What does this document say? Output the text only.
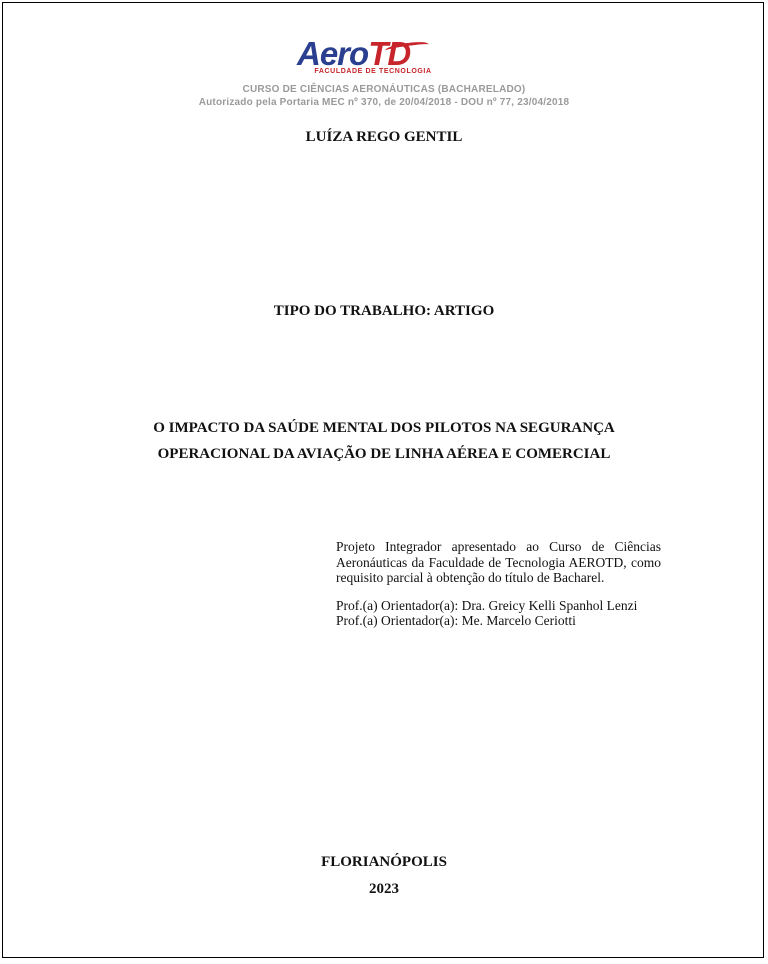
AeroTD
FACULDADE DE TECNOLOGIA
CURSO DE CIÊNCIAS AERONÁUTICAS (BACHARELADO)
Autorizado pela Portaria MEC nº 370, de 20/04/2018 - DOU nº 77, 23/04/2018
LUÍZA REGO GENTIL
TIPO DO TRABALHO: ARTIGO
O IMPACTO DA SAÚDE MENTAL DOS PILOTOS NA SEGURANÇA
OPERACIONAL DA AVIAÇÃO DE LINHA AÉREA E COMERCIAL

Projeto Integrador apresentado ao Curso de Ciências Aeronáuticas da Faculdade de Tecnologia AEROTD, como requisito parcial à obtenção do título de Bacharel.

Prof.(a) Orientador(a): Dra. Greicy Kelli Spanhol Lenzi
Prof.(a) Orientador(a): Me. Marcelo Ceriotti
FLORIANÓPOLIS
2023
